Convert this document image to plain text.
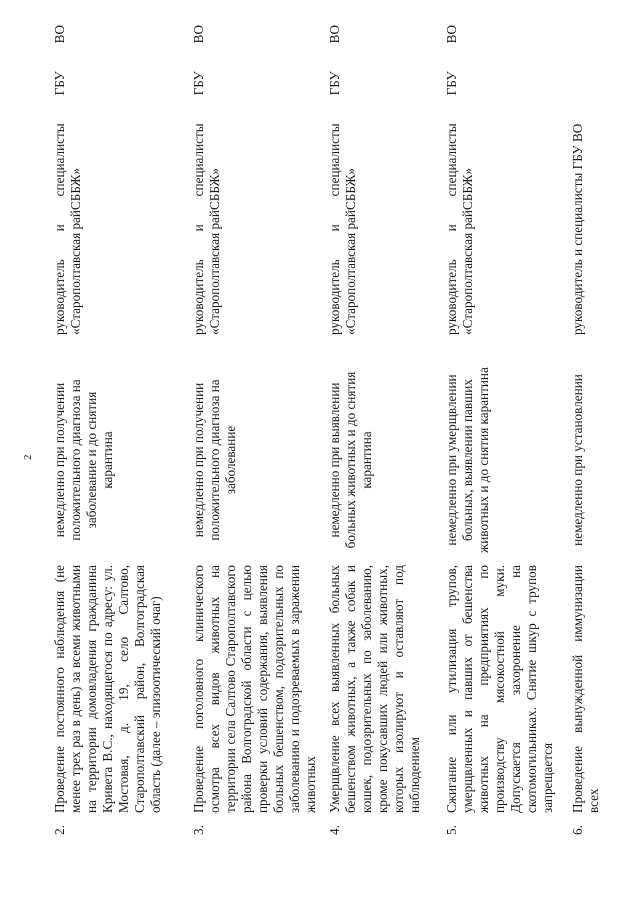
2
2.
Проведение постоянного наблюдения (не менее трех раз в день) за всеми животными на территории домовладения гражданина Кривета В.С., находящегося по адресу: ул. Мостовая, д. 19, село Салтово, Старополтавский район, Волгоградская область (далее – эпизоотический очаг)
немедленно при получении положительного диагноза на заболевание и до снятия карантина
руководитель и специалисты ГБУ ВО «Старополтавская райСББЖ»
3.
Проведение поголовного клинического осмотра всех видов животных на территории села Салтово Старополтавского района Волгоградской области с целью проверки условий содержания, выявления больных бешенством, подозрительных по заболеванию и подозреваемых в заражении животных
немедленно при получении положительного диагноза на заболевание
руководитель и специалисты ГБУ ВО «Старополтавская райСББЖ»
4.
Умерщвление всех выявленных больных бешенством животных, а также собак и кошек, подозрительных по заболеванию, кроме покусавших людей или животных, которых изолируют и оставляют под наблюдением
немедленно при выявлении больных животных и до снятия карантина
руководитель и специалисты ГБУ ВО «Старополтавская райСББЖ»
5.
Сжигание или утилизация трупов, умерщвленных и павших от бешенства животных на предприятиях по производству мясокостной муки. Допускается захоронение на скотомогильниках. Снятие шкур с трупов запрещается
немедленно при умерщвлении больных, выявлении павших животных и до снятия карантина
руководитель и специалисты ГБУ ВО «Старополтавская райСББЖ»
6.
Проведение вынужденной иммунизации всех
немедленно при установлении
руководитель и специалисты ГБУ ВО
